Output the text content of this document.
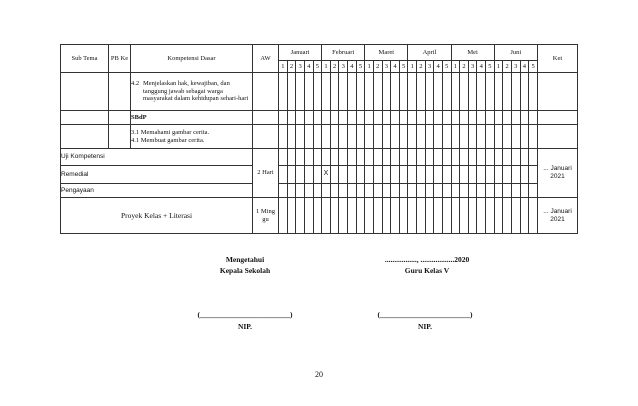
Sub Tema	PB Ke	Kompetensi Dasar	AW	Januari					Februari					Maret					April					Mei					Juni					Ket
				1	2	3	4	5	1	2	3	4	5	1	2	3	4	5	1	2	3	4	5	1	2	3	4	5	1	2	3	4	5	

		4.2 Menjelaskan hak, kewajiban, dan tanggung jawab sebagai warga masyarakat dalam kehidupan sehari-hari																																

		SBdP																																

		3.1 Memahami gambar cerita.
4.1 Membuat gambar cerita.																																

Uji Kompetensi			2 Hari																															... Januari 2021
Remedial									X																									
Pengayaan																																		
Proyek Kelas + Literasi			1 Ming gu																															... Januari 2021
Mengetahui
Kepala Sekolah
................., ..................2020
Guru Kelas V
(________________________)	(________________________)
NIP.	NIP.
20
